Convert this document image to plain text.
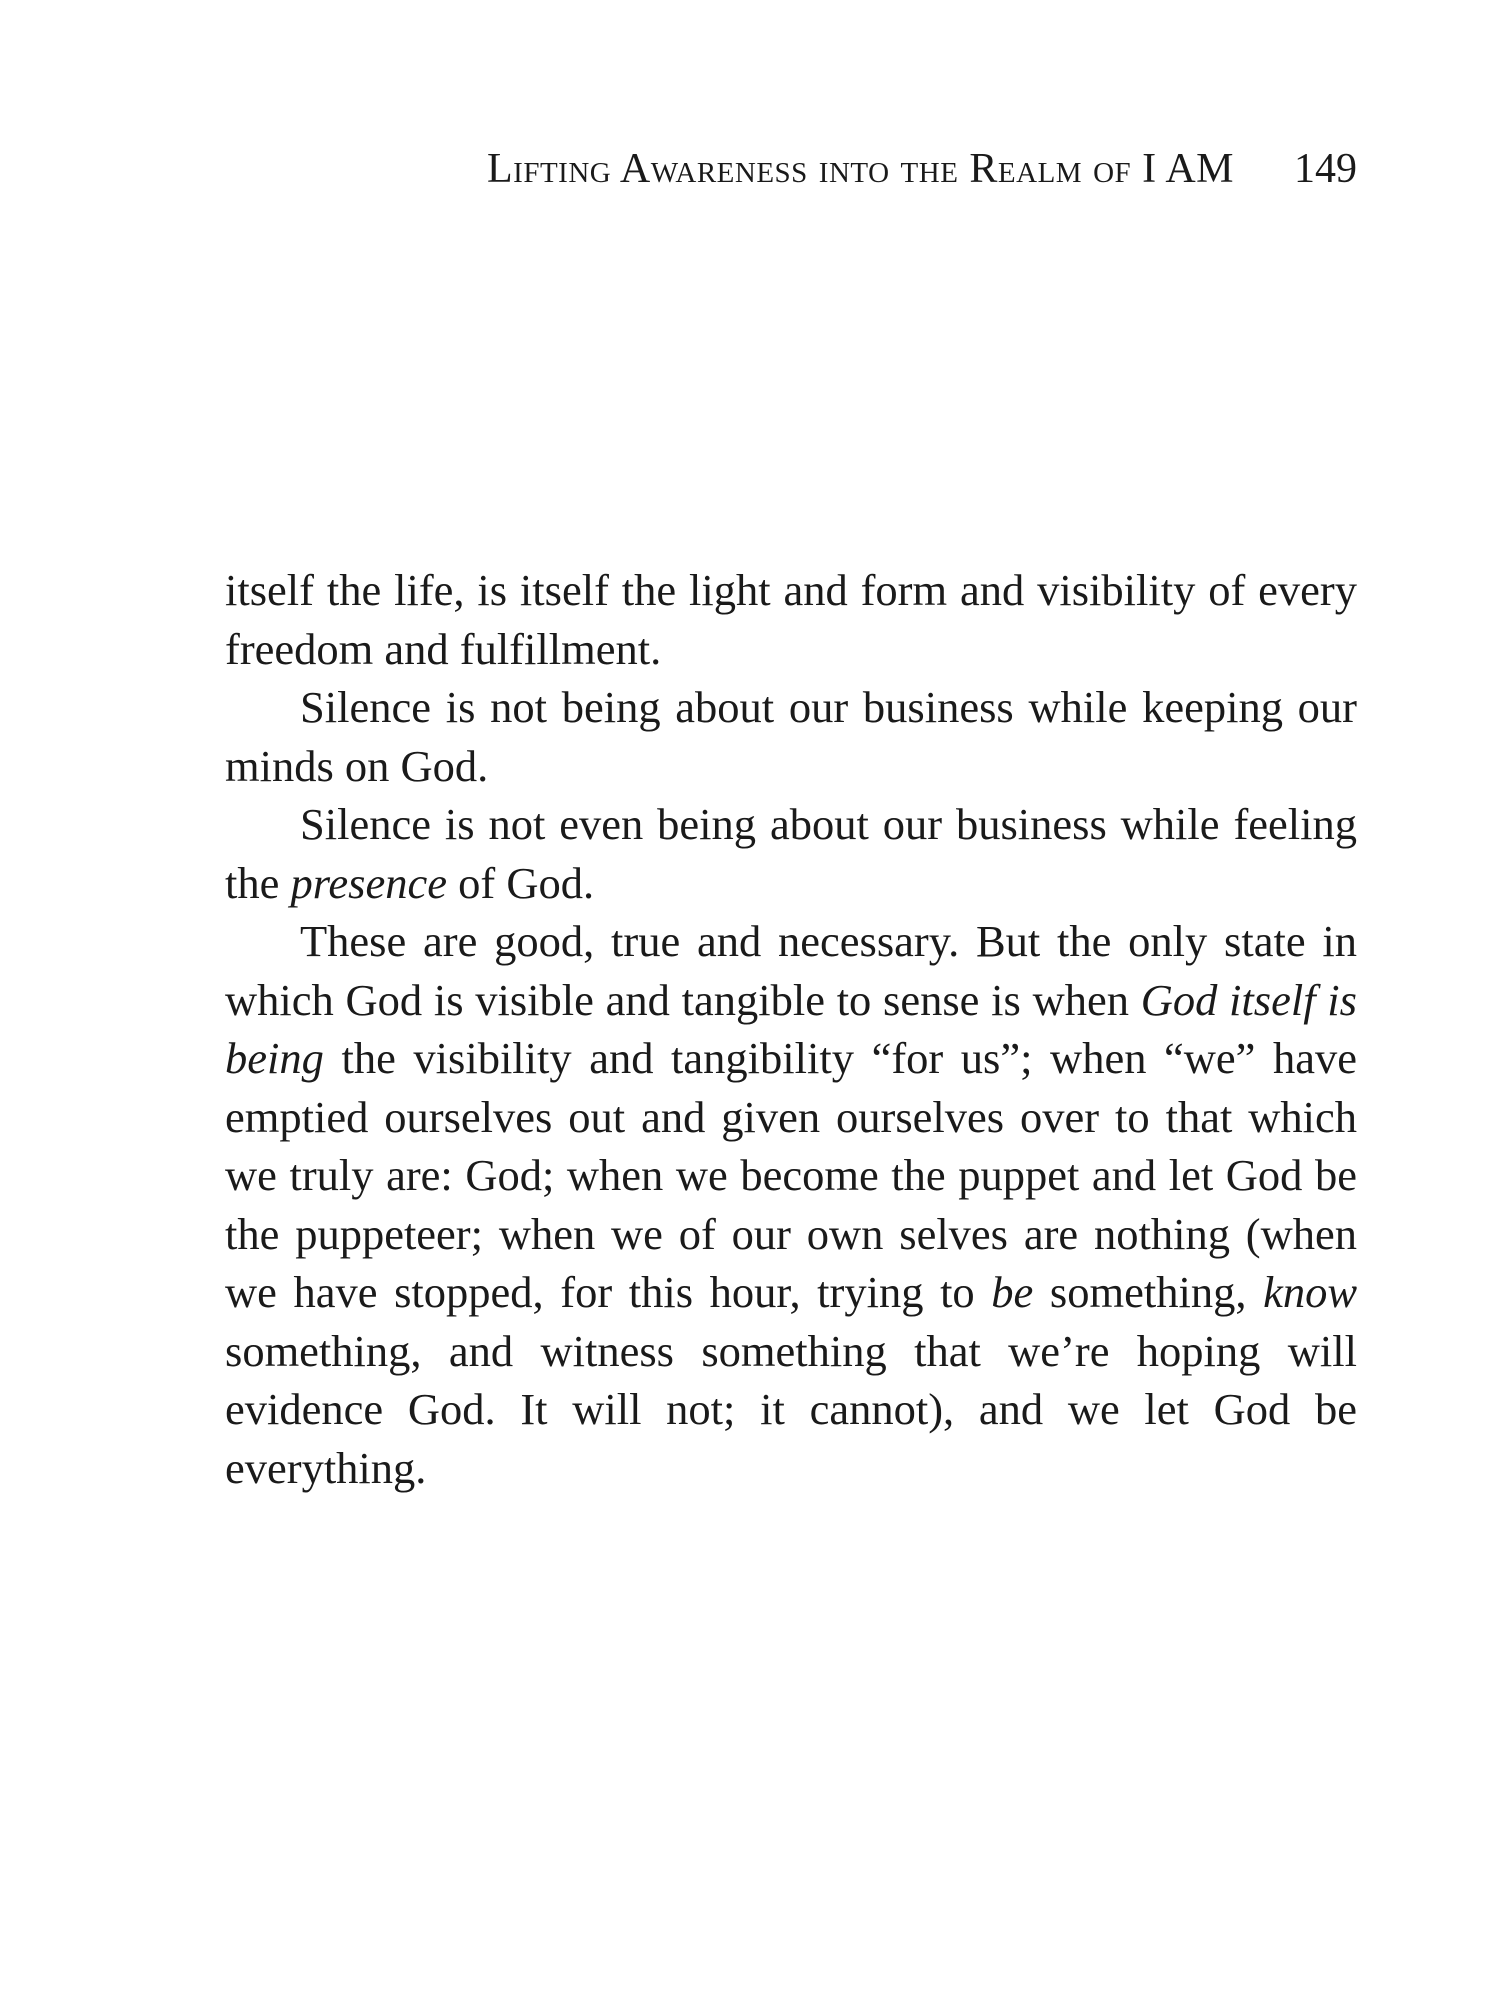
Lifting Awareness into the Realm of I AM 149

itself the life, is itself the light and form and visibility of every freedom and fulfillment.

Silence is not being about our business while keeping our minds on God.

Silence is not even being about our business while feeling the presence of God.

These are good, true and necessary. But the only state in which God is visible and tangible to sense is when God itself is being the visibility and tangibility “for us”; when “we” have emptied ourselves out and given ourselves over to that which we truly are: God; when we become the puppet and let God be the puppeteer; when we of our own selves are nothing (when we have stopped, for this hour, trying to be something, know something, and witness something that we’re hoping will evidence God. It will not; it cannot), and we let God be everything.
